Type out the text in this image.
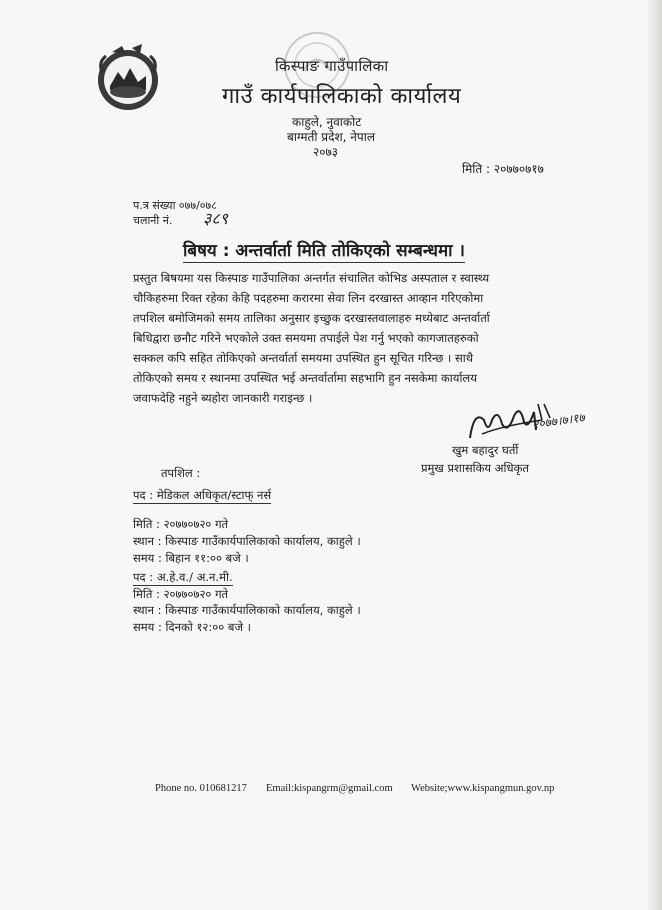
किस्पाङ गाउँपालिका
गाउँ कार्यपालिकाको कार्यालय
काहुले, नुवाकोट
बाग्मती प्रदेश, नेपाल
२०७३
मिति : २०७७०७१७
प.त्र संख्या ०७७/०७८
चलानी नं. ३८९
बिषय : अन्तर्वार्ता मिति तोकिएको सम्बन्धमा ।
प्रस्तुत बिषयमा यस किस्पाङ गाउँपालिका अन्तर्गत संचालित कोभिड अस्पताल र स्वास्थ्य
चौकिहरुमा रिक्त रहेका केहि पदहरुमा करारमा सेवा लिन दरखास्त आव्हान गरिएकोमा
तपशिल बमोजिमको समय तालिका अनुसार इच्छुक दरखास्तवालाहरु मध्येबाट अन्तर्वार्ता
बिधिद्वारा छनौट गरिने भएकोले उक्त समयमा तपाईले पेश गर्नु भएको कागजातहरुको
सक्कल कपि सहित तोकिएको अन्तर्वार्ता समयमा उपस्थित हुन सूचित गरिन्छ । साथै
तोकिएको समय र स्थानमा उपस्थित भई अन्तर्वार्तामा सहभागि हुन नसकेमा कार्यालय
जवाफदेहि नहुने ब्यहोरा जानकारी गराइन्छ ।
२०७७।७।१७
खुम बहादुर घर्ती
प्रमुख प्रशासकिय अधिकृत
तपशिल :
पद : मेडिकल अधिकृत/स्टाफ् नर्स
मिति : २०७७०७२० गते
स्थान : किस्पाङ गाउँकार्यपालिकाको कार्यालय, काहुले ।
समय : बिहान ११:०० बजे ।
पद : अ.हे.व./ अ.न.मी.
मिति : २०७७०७२० गते
स्थान : किस्पाङ गाउँकार्यपालिकाको कार्यालय, काहुले ।
समय : दिनको १२:०० बजे ।
Phone no. 010681217 Email: kispangrm@gmail.com Website;www.kispangmun.gov.np
